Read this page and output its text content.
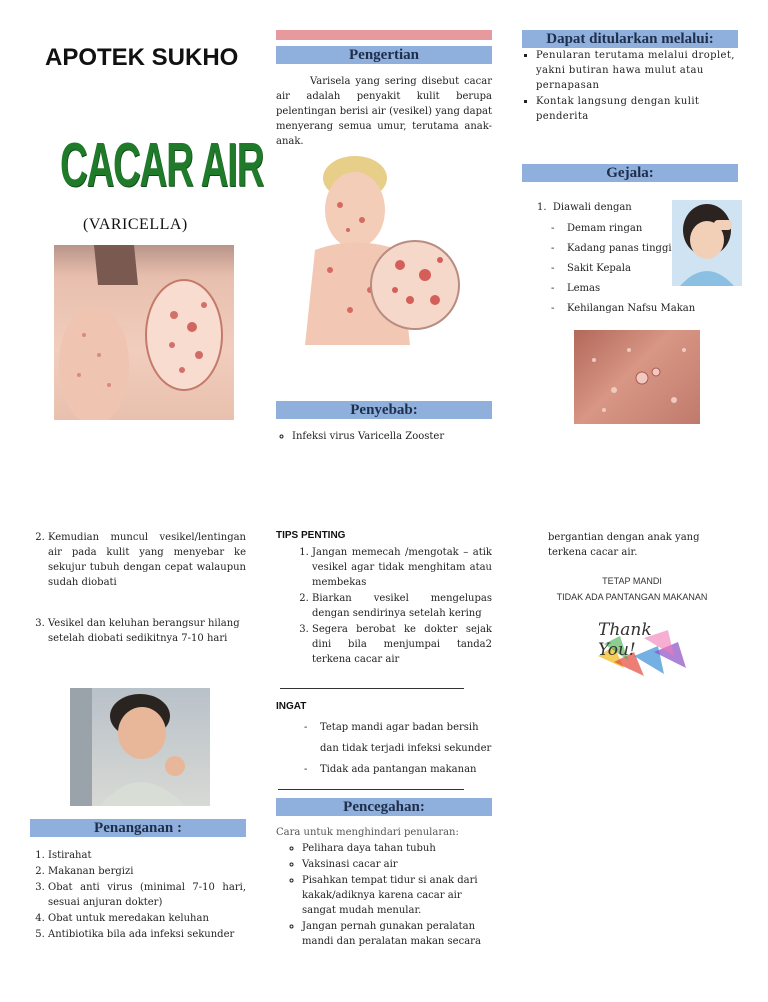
APOTEK SUKHO
CACAR AIR
(VARICELLA)
Pengertian
Varisela yang sering disebut cacar air adalah penyakit kulit berupa pelentingan berisi air (vesikel) yang dapat menyerang semua umur, terutama anak-anak.
Penyebab:
◦ Infeksi virus Varicella Zooster
Dapat ditularkan melalui:
▪ Penularan terutama melalui droplet, yakni butiran hawa mulut atau pernapasan
▪ Kontak langsung dengan kulit penderita
Gejala:
1.  Diawali dengan
- Demam ringan
- Kadang panas tinggi
- Sakit Kepala
- Lemas
- Kehilangan Nafsu Makan
2. Kemudian muncul vesikel/lentingan air pada kulit yang menyebar ke sekujur tubuh dengan cepat walaupun sudah diobati
3. Vesikel dan keluhan berangsur hilang setelah diobati sedikitnya 7-10 hari
Penanganan :
1. Istirahat
2. Makanan bergizi
3. Obat anti virus (minimal 7-10 hari, sesuai anjuran dokter)
4. Obat untuk meredakan keluhan
5. Antibiotika bila ada infeksi sekunder
TIPS PENTING
1. Jangan memecah /mengotak – atik vesikel agar tidak menghitam atau membekas
2. Biarkan vesikel mengelupas dengan sendirinya setelah kering
3. Segera berobat ke dokter sejak dini bila menjumpai tanda2 terkena cacar air
INGAT
- Tetap mandi agar badan bersih
dan tidak terjadi infeksi sekunder
- Tidak ada pantangan makanan
Pencegahan:
Cara untuk menghindari penularan:
◦ Pelihara daya tahan tubuh
◦ Vaksinasi cacar air
◦ Pisahkan tempat tidur si anak dari kakak/adiknya karena cacar air sangat mudah menular.
◦ Jangan pernah gunakan peralatan mandi dan peralatan makan secara
bergantian dengan anak yang terkena cacar air.
TETAP MANDI
TIDAK ADA PANTANGAN MAKANAN
Thank You!
